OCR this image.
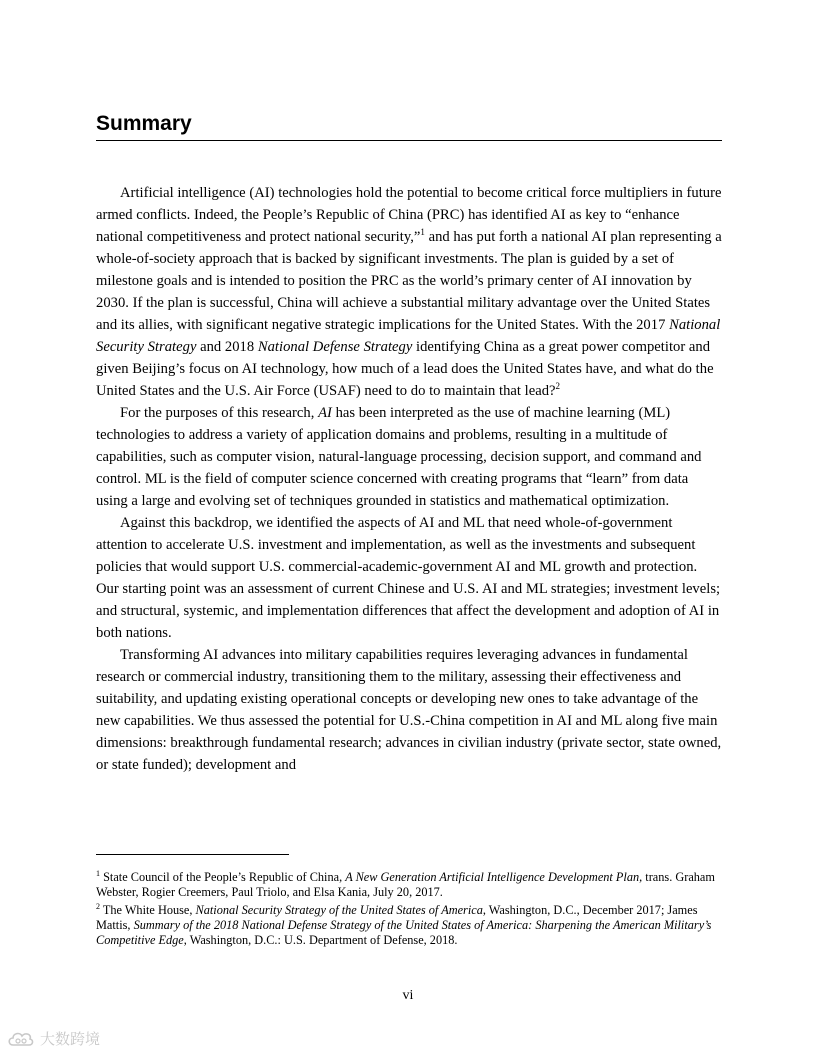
Summary

Artificial intelligence (AI) technologies hold the potential to become critical force multipliers in future armed conflicts. Indeed, the People’s Republic of China (PRC) has identified AI as key to “enhance national competitiveness and protect national security,”$^1$ and has put forth a national AI plan representing a whole-of-society approach that is backed by significant investments. The plan is guided by a set of milestone goals and is intended to position the PRC as the world’s primary center of AI innovation by 2030. If the plan is successful, China will achieve a substantial military advantage over the United States and its allies, with significant negative strategic implications for the United States. With the 2017 National Security Strategy and 2018 National Defense Strategy identifying China as a great power competitor and given Beijing’s focus on AI technology, how much of a lead does the United States have, and what do the United States and the U.S. Air Force (USAF) need to do to maintain that lead?$^2$

For the purposes of this research, AI has been interpreted as the use of machine learning (ML) technologies to address a variety of application domains and problems, resulting in a multitude of capabilities, such as computer vision, natural-language processing, decision support, and command and control. ML is the field of computer science concerned with creating programs that “learn” from data using a large and evolving set of techniques grounded in statistics and mathematical optimization.

Against this backdrop, we identified the aspects of AI and ML that need whole-of-government attention to accelerate U.S. investment and implementation, as well as the investments and subsequent policies that would support U.S. commercial-academic-government AI and ML growth and protection. Our starting point was an assessment of current Chinese and U.S. AI and ML strategies; investment levels; and structural, systemic, and implementation differences that affect the development and adoption of AI in both nations.

Transforming AI advances into military capabilities requires leveraging advances in fundamental research or commercial industry, transitioning them to the military, assessing their effectiveness and suitability, and updating existing operational concepts or developing new ones to take advantage of the new capabilities. We thus assessed the potential for U.S.-China competition in AI and ML along five main dimensions: breakthrough fundamental research; advances in civilian industry (private sector, state owned, or state funded); development and

$^1$ State Council of the People’s Republic of China, A New Generation Artificial Intelligence Development Plan, trans. Graham Webster, Rogier Creemers, Paul Triolo, and Elsa Kania, July 20, 2017.

$^2$ The White House, National Security Strategy of the United States of America, Washington, D.C., December 2017; James Mattis, Summary of the 2018 National Defense Strategy of the United States of America: Sharpening the American Military’s Competitive Edge, Washington, D.C.: U.S. Department of Defense, 2018.

vi
大数跨境
